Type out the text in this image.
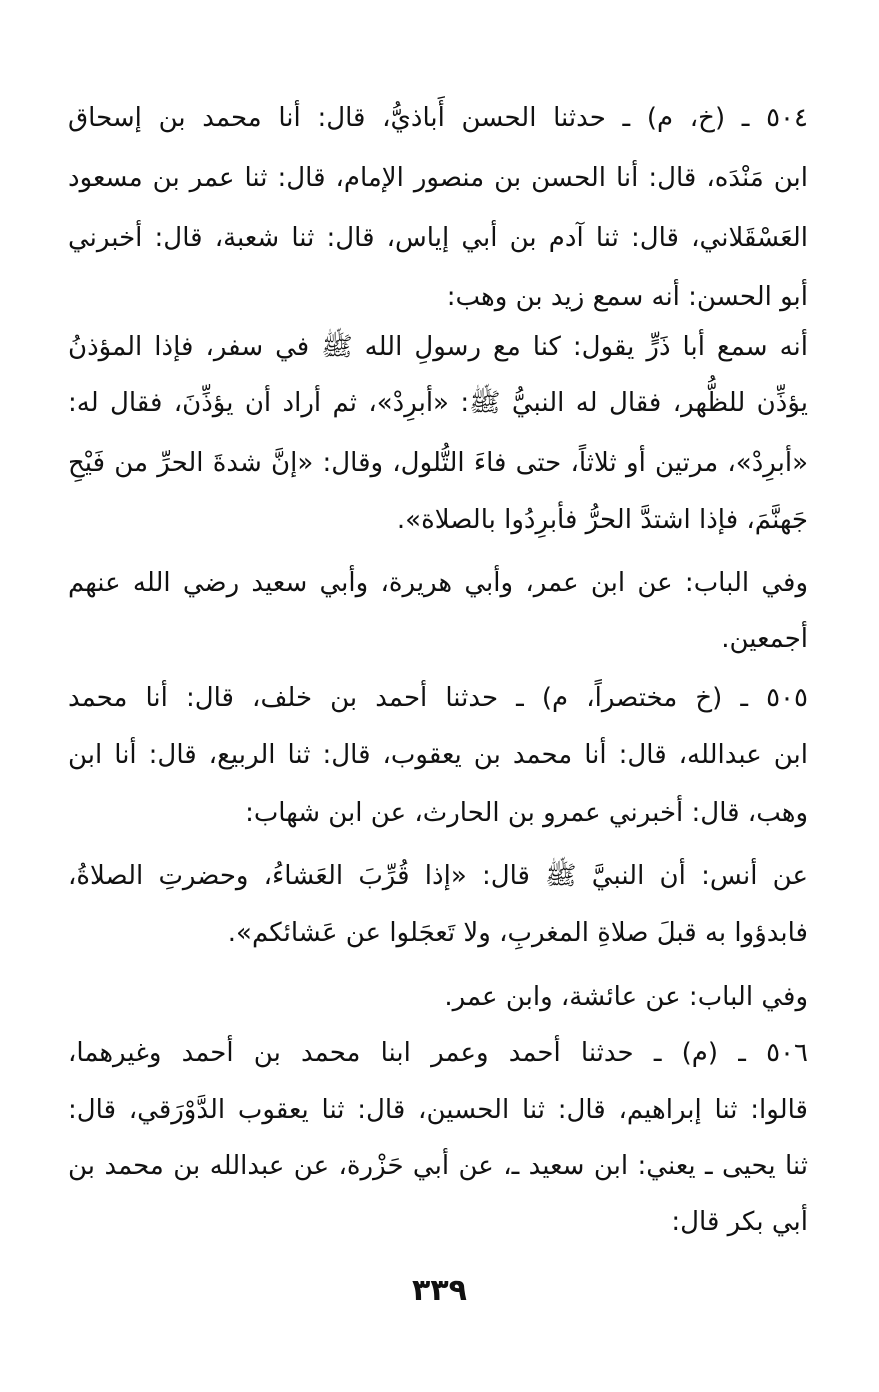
٥٠٤ ـ (خ، م) ـ حدثنا الحسن أَباذيُّ، قال: أنا محمد بن إسحاق
ابن مَنْدَه، قال: أنا الحسن بن منصور الإمام، قال: ثنا عمر بن مسعود
العَسْقَلاني، قال: ثنا آدم بن أبي إياس، قال: ثنا شعبة، قال: أخبرني
أبو الحسن: أنه سمع زيد بن وهب:
أنه سمع أبا ذَرٍّ يقول: كنا مع رسولِ الله ﷺ في سفر، فإذا المؤذنُ
يؤذِّن للظُّهر، فقال له النبيُّ ﷺ: «أبرِدْ»، ثم أراد أن يؤذِّنَ، فقال له:
«أبرِدْ»، مرتين أو ثلاثاً، حتى فاءَ التُّلول، وقال: «إنَّ شدةَ الحرِّ من فَيْحِ
جَهنَّمَ، فإذا اشتدَّ الحرُّ فأبرِدُوا بالصلاة».
وفي الباب: عن ابن عمر، وأبي هريرة، وأبي سعيد رضي الله عنهم
أجمعين.
٥٠٥ ـ (خ مختصراً، م) ـ حدثنا أحمد بن خلف، قال: أنا محمد
ابن عبدالله، قال: أنا محمد بن يعقوب، قال: ثنا الربيع، قال: أنا ابن
وهب، قال: أخبرني عمرو بن الحارث، عن ابن شهاب:
عن أنس: أن النبيَّ ﷺ قال: «إذا قُرِّبَ العَشاءُ، وحضرتِ الصلاةُ،
فابدؤوا به قبلَ صلاةِ المغربِ، ولا تَعجَلوا عن عَشائكم».
وفي الباب: عن عائشة، وابن عمر.
٥٠٦ ـ (م) ـ حدثنا أحمد وعمر ابنا محمد بن أحمد وغيرهما،
قالوا: ثنا إبراهيم، قال: ثنا الحسين، قال: ثنا يعقوب الدَّوْرَقي، قال:
ثنا يحيى ـ يعني: ابن سعيد ـ، عن أبي حَزْرة، عن عبدالله بن محمد بن
أبي بكر قال:
٣٣٩
